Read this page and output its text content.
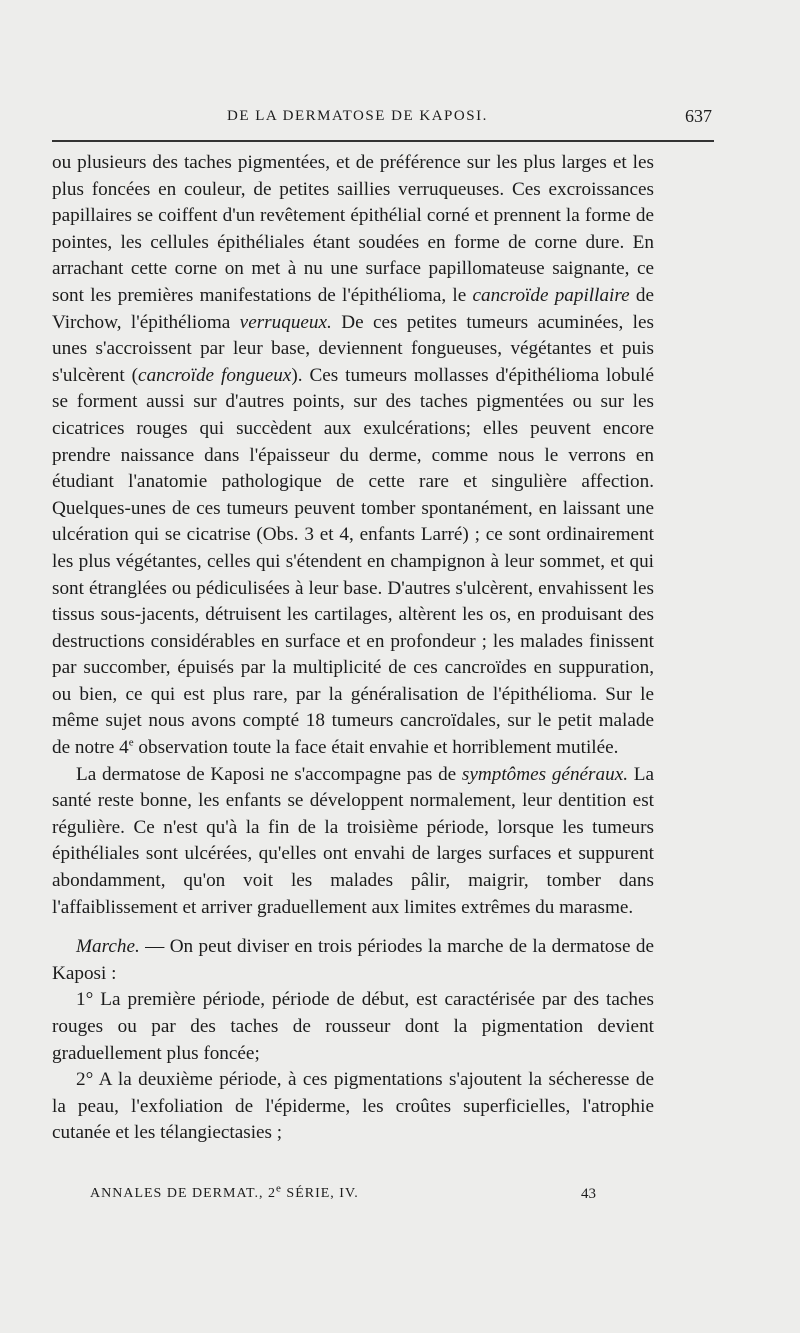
DE LA DERMATOSE DE KAPOSI.	637

ou plusieurs des taches pigmentées, et de préférence sur les plus larges et les plus foncées en couleur, de petites saillies verruqueuses. Ces excroissances papillaires se coiffent d'un revêtement épithélial corné et prennent la forme de pointes, les cellules épithéliales étant soudées en forme de corne dure. En arrachant cette corne on met à nu une surface papillomateuse saignante, ce sont les premières manifestations de l'épithélioma, le cancroïde papillaire de Virchow, l'épithélioma verruqueux. De ces petites tumeurs acuminées, les unes s'accroissent par leur base, deviennent fongueuses, végétantes et puis s'ulcèrent (cancroïde fongueux). Ces tumeurs mollasses d'épithélioma lobulé se forment aussi sur d'autres points, sur des taches pigmentées ou sur les cicatrices rouges qui succèdent aux exulcérations; elles peuvent encore prendre naissance dans l'épaisseur du derme, comme nous le verrons en étudiant l'anatomie pathologique de cette rare et singulière affection. Quelques-unes de ces tumeurs peuvent tomber spontanément, en laissant une ulcération qui se cicatrise (Obs. 3 et 4, enfants Larré) ; ce sont ordinairement les plus végétantes, celles qui s'étendent en champignon à leur sommet, et qui sont étranglées ou pédiculisées à leur base. D'autres s'ulcèrent, envahissent les tissus sous-jacents, détruisent les cartilages, altèrent les os, en produisant des destructions considérables en surface et en profondeur ; les malades finissent par succomber, épuisés par la multiplicité de ces cancroïdes en suppuration, ou bien, ce qui est plus rare, par la généralisation de l'épithélioma. Sur le même sujet nous avons compté 18 tumeurs cancroïdales, sur le petit malade de notre 4e observation toute la face était envahie et horriblement mutilée.

La dermatose de Kaposi ne s'accompagne pas de symptômes généraux. La santé reste bonne, les enfants se développent normalement, leur dentition est régulière. Ce n'est qu'à la fin de la troisième période, lorsque les tumeurs épithéliales sont ulcérées, qu'elles ont envahi de larges surfaces et suppurent abondamment, qu'on voit les malades pâlir, maigrir, tomber dans l'affaiblissement et arriver graduellement aux limites extrêmes du marasme.

Marche. — On peut diviser en trois périodes la marche de la dermatose de Kaposi :

1° La première période, période de début, est caractérisée par des taches rouges ou par des taches de rousseur dont la pigmentation devient graduellement plus foncée;

2° A la deuxième période, à ces pigmentations s'ajoutent la sécheresse de la peau, l'exfoliation de l'épiderme, les croûtes superficielles, l'atrophie cutanée et les télangiectasies ;

ANNALES DE DERMAT., 2e SÉRIE, IV.	43
